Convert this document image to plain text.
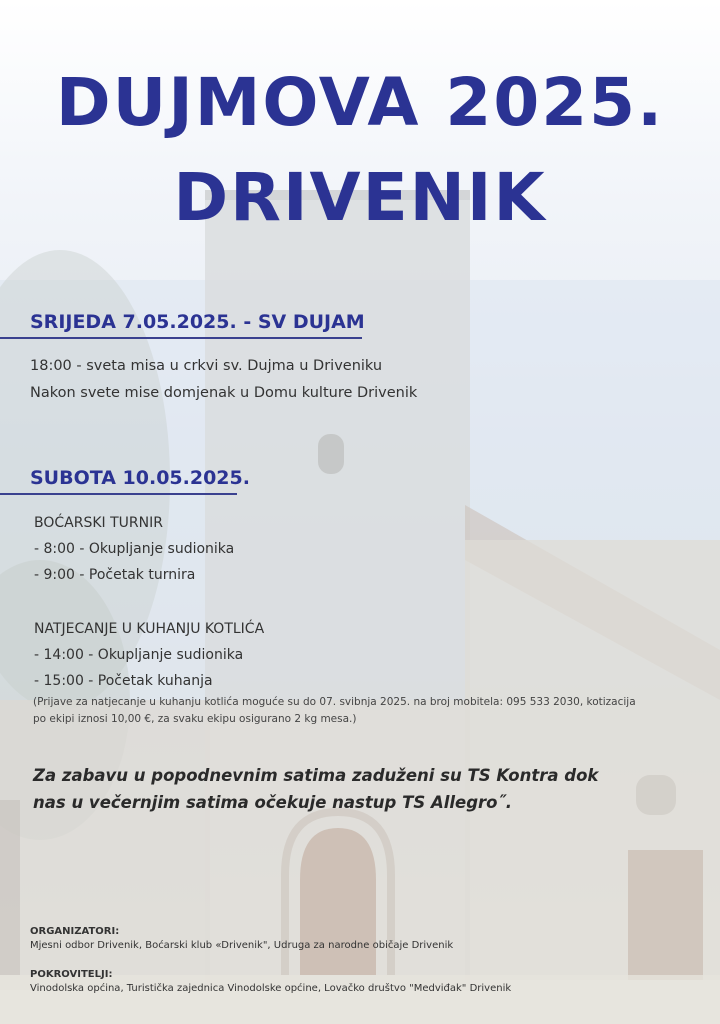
DUJMOVA 2025.
DRIVENIK
SRIJEDA 7.05.2025. - SV DUJAM
18:00 - sveta misa u crkvi sv. Dujma u Driveniku
Nakon svete mise domjenak u Domu kulture Drivenik
SUBOTA 10.05.2025.
BOĆARSKI TURNIR
- 8:00 - Okupljanje sudionika
- 9:00 - Početak turnira
NATJECANJE U KUHANJU KOTLIĆA
- 14:00 - Okupljanje sudionika
- 15:00 - Početak kuhanja
(Prijave za natjecanje u kuhanju kotlića moguće su do 07. svibnja 2025. na broj mobitela: 095 533 2030, kotizacija
po ekipi iznosi 10,00 €, za svaku ekipu osigurano 2 kg mesa.)
Za zabavu u popodnevnim satima zaduženi su TS Kontra dok
nas u večernjim satima očekuje nastup TS Allegro˝.
ORGANIZATORI:
Mjesni odbor Drivenik, Boćarski klub «Drivenik", Udruga za narodne običaje Drivenik
POKROVITELJI:
Vinodolska općina, Turistička zajednica Vinodolske općine, Lovačko društvo "Medviđak" Drivenik
